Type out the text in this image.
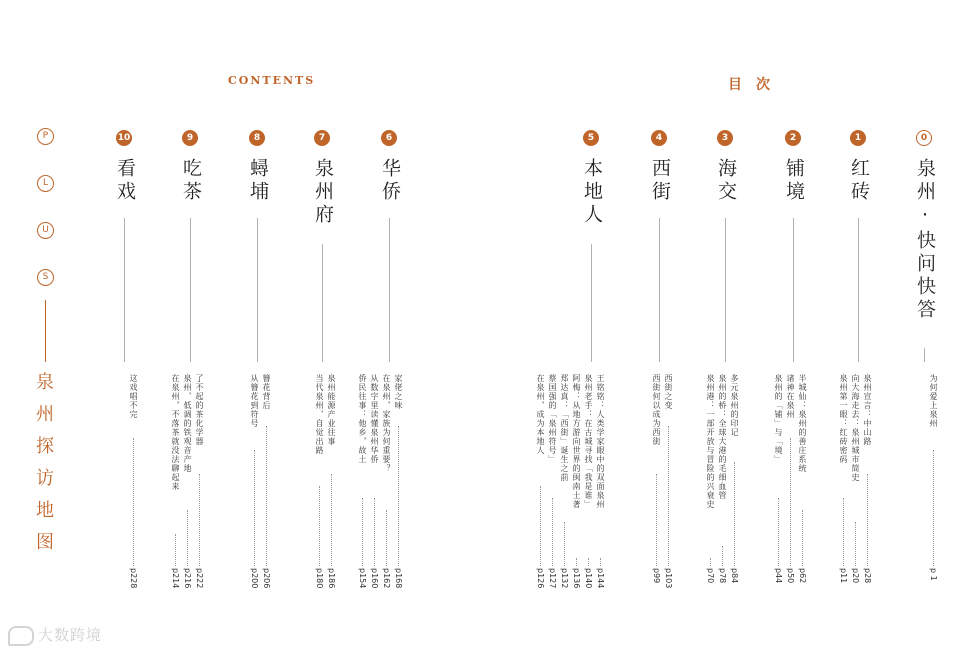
CONTENTS	目次
P
L
U
S
泉州探访地图
0
泉州·快问快答
为何爱上泉州
p 1
1
红砖
泉州宣言：中山路
p28
向大海走去：泉州城市简史
p20
泉州第一眼：红砖密码
p11
2
铺境
半城仙：泉州的善庄系统
p62
诸神在泉州
p50
泉州的「铺」与「境」
p44
3
海交
多元泉州的印记
p84
泉州的桥：全球大港的毛细血管
p78
泉州港：一部开放与冒险的兴衰史
p70
4
西街
西街之变
p103
西街何以成为西街
p99
5
本地人
王铭铭：人类学家眼中的双面泉州
p144
泉州老手：在古城寻找「我是谁」
p140
阿梅：从地方游向世界的闽南土著
p136
郑达真：「西街」诞生之前
p132
蔡国强的「泉州符号」
p127
在泉州，成为本地人
p126
6
华侨
家佬之味
p168
在泉州，家族为何重要？
p162
从数字里读懂泉州华侨
p160
侨民往事：他乡，故土
p154
7
泉州府
泉州能源产业往事
p186
当代泉州，自觉出路
p180
8
蟳埔
簪花背后
p206
从簪花到符号
p200
9
吃茶
了不起的茶化学器
p222
泉州，低调的铁观音产地
p216
在泉州，不落茶就没法聊起来
p214
10
看戏
这戏唱不完
p228
大数跨境
